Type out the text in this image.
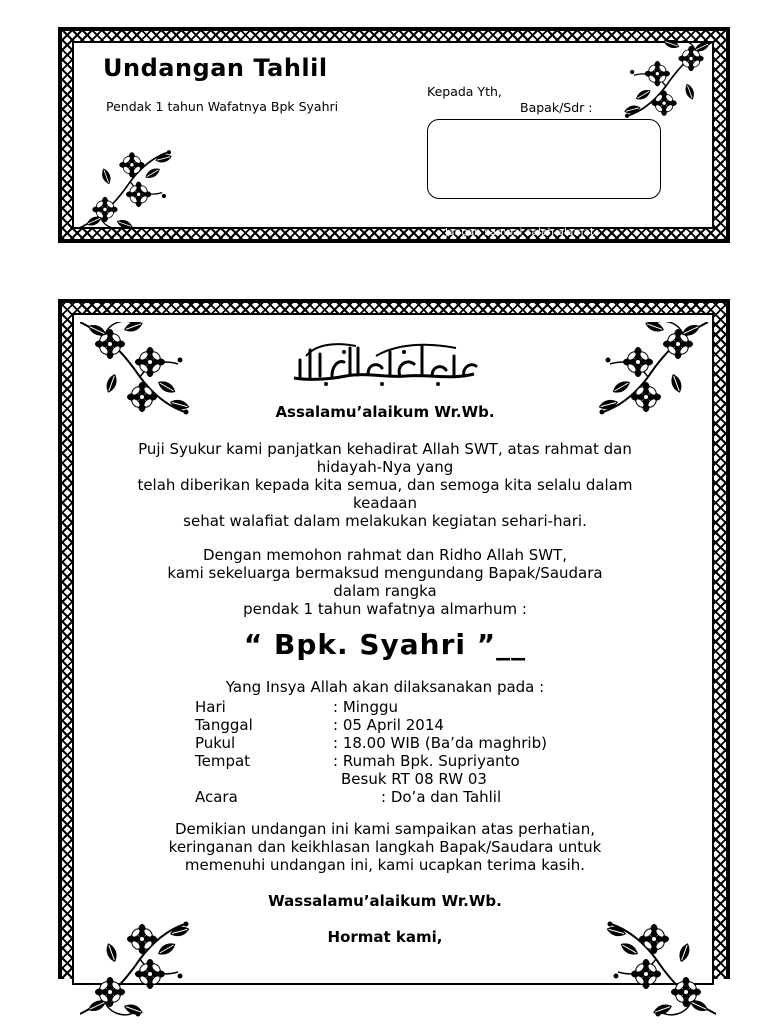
Undangan Tahlil
Pendak 1 tahun Wafatnya Bpk Syahri
Kepada Yth,
Bapak/Sdr :
Jangan sampai salah alamat
Assalamu’alaikum Wr.Wb.
Puji Syukur kami panjatkan kehadirat Allah SWT, atas rahmat dan
hidayah-Nya yang
telah diberikan kepada kita semua, dan semoga kita selalu dalam
keadaan
sehat walafiat dalam melakukan kegiatan sehari-hari.
Dengan memohon rahmat dan Ridho Allah SWT,
kami sekeluarga bermaksud mengundang Bapak/Saudara
dalam rangka
pendak 1 tahun wafatnya almarhum :
“ Bpk. Syahri ”__
Yang Insya Allah akan dilaksanakan pada :
Hari	: Minggu
Tanggal	: 05 April 2014
Pukul	: 18.00 WIB (Ba’da maghrib)
Tempat	: Rumah Bpk. Supriyanto
Besuk RT 08 RW 03
Acara	: Do’a dan Tahlil
Demikian undangan ini kami sampaikan atas perhatian,
keringanan dan keikhlasan langkah Bapak/Saudara untuk
memenuhi undangan ini, kami ucapkan terima kasih.
Wassalamu’alaikum Wr.Wb.
Hormat kami,
